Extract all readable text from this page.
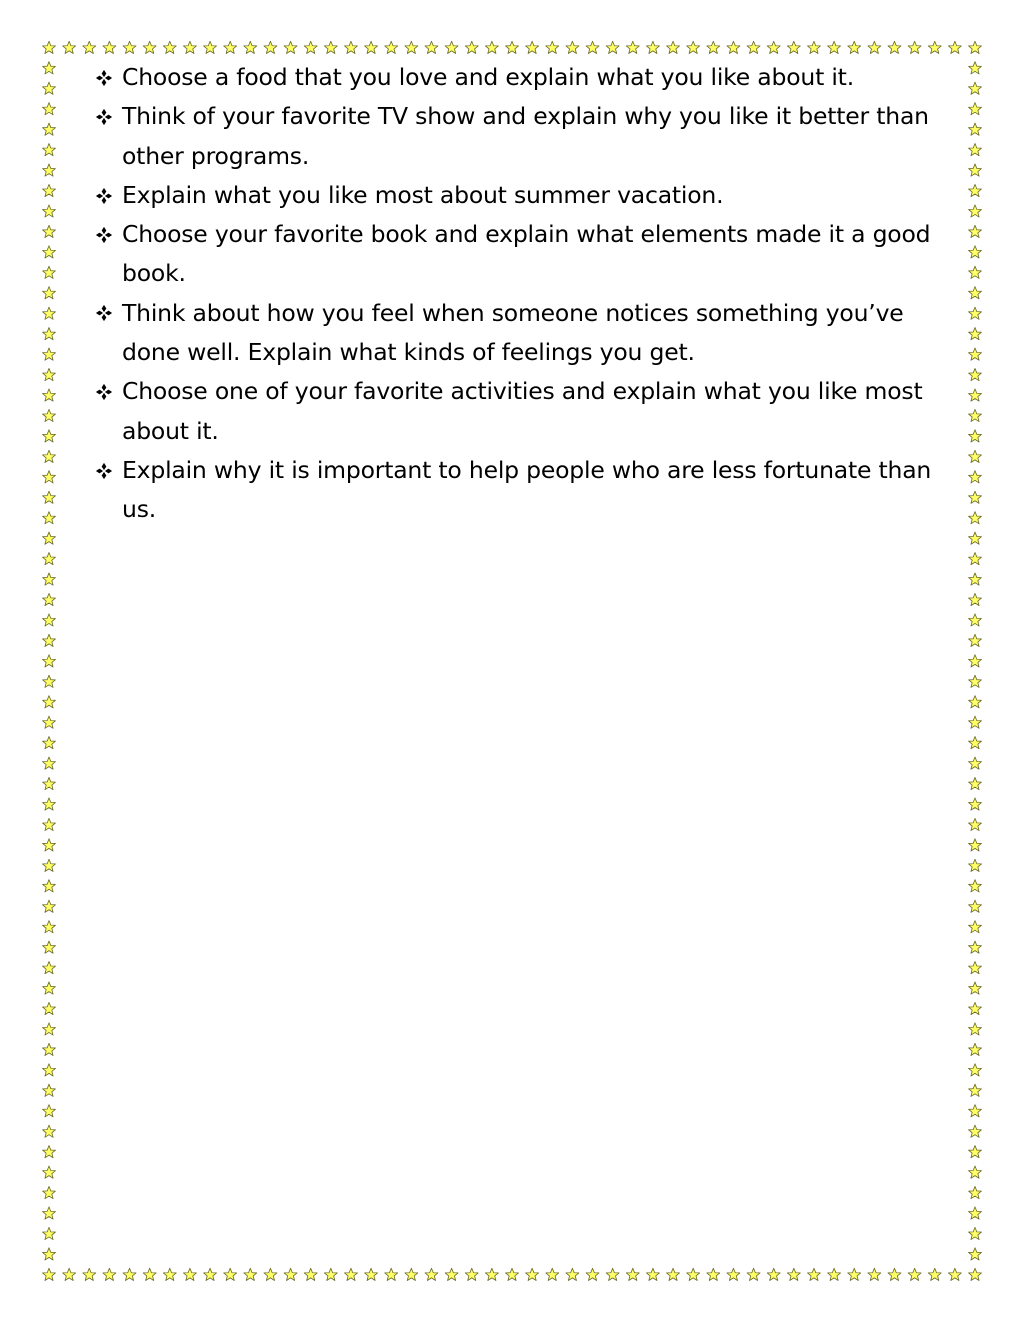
Choose a food that you love and explain what you like about it.
Think of your favorite TV show and explain why you like it better than other programs.
Explain what you like most about summer vacation.
Choose your favorite book and explain what elements made it a good book.
Think about how you feel when someone notices something you’ve done well. Explain what kinds of feelings you get.
Choose one of your favorite activities and explain what you like most about it.
Explain why it is important to help people who are less fortunate than us.
